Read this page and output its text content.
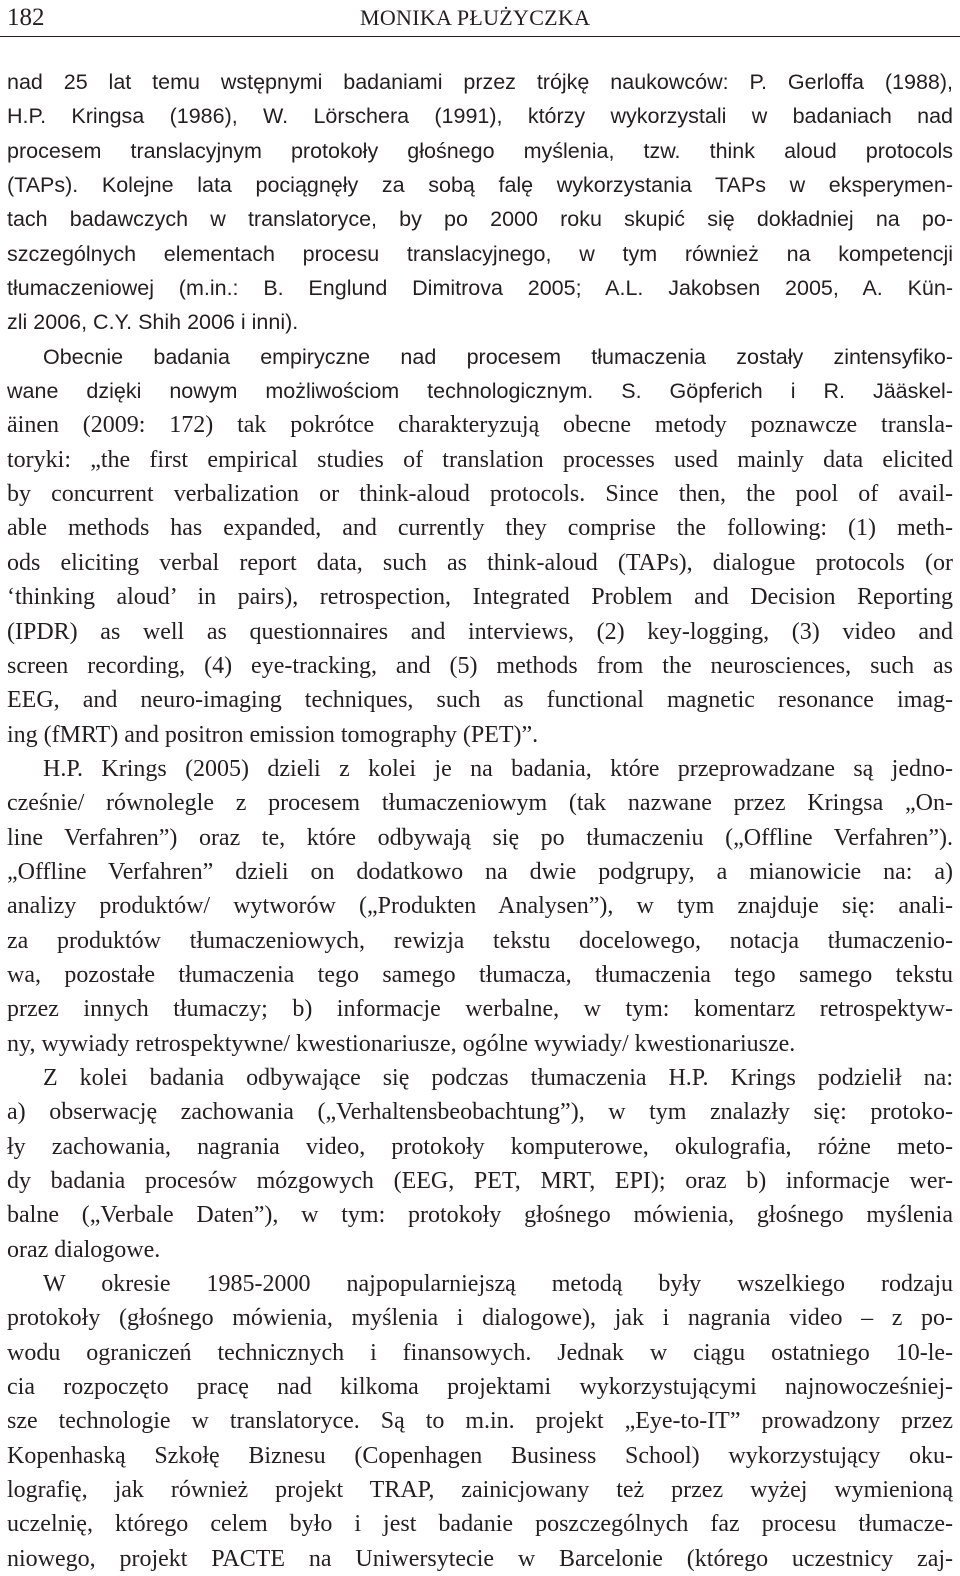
182	MONIKA PŁUŻYCZKA
nad 25 lat temu wstępnymi badaniami przez trójkę naukowców: P. Gerloffa (1988),
H.P. Kringsa (1986), W. Lörschera (1991), którzy wykorzystali w badaniach nad
procesem translacyjnym protokoły głośnego myślenia, tzw. think aloud protocols
(TAPs). Kolejne lata pociągnęły za sobą falę wykorzystania TAPs w eksperymen-
tach badawczych w translatoryce, by po 2000 roku skupić się dokładniej na po-
szczególnych elementach procesu translacyjnego, w tym również na kompetencji
tłumaczeniowej (m.in.: B. Englund Dimitrova 2005; A.L. Jakobsen 2005, A. Kün-
zli 2006, C.Y. Shih 2006 i inni).
Obecnie badania empiryczne nad procesem tłumaczenia zostały zintensyfiko-
wane dzięki nowym możliwościom technologicznym. S. Göpferich i R. Jääskel-
äinen (2009: 172) tak pokrótce charakteryzują obecne metody poznawcze transla-
toryki: „the first empirical studies of translation processes used mainly data elicited
by concurrent verbalization or think-aloud protocols. Since then, the pool of avail-
able methods has expanded, and currently they comprise the following: (1) meth-
ods eliciting verbal report data, such as think-aloud (TAPs), dialogue protocols (or
‘thinking aloud’ in pairs), retrospection, Integrated Problem and Decision Reporting
(IPDR) as well as questionnaires and interviews, (2) key-logging, (3) video and
screen recording, (4) eye-tracking, and (5) methods from the neurosciences, such as
EEG, and neuro-imaging techniques, such as functional magnetic resonance imag-
ing (fMRT) and positron emission tomography (PET)”.
H.P. Krings (2005) dzieli z kolei je na badania, które przeprowadzane są jedno-
cześnie/ równolegle z procesem tłumaczeniowym (tak nazwane przez Kringsa „On-
line Verfahren”) oraz te, które odbywają się po tłumaczeniu („Offline Verfahren”).
„Offline Verfahren” dzieli on dodatkowo na dwie podgrupy, a mianowicie na: a)
analizy produktów/ wytworów („Produkten Analysen”), w tym znajduje się: anali-
za produktów tłumaczeniowych, rewizja tekstu docelowego, notacja tłumaczenio-
wa, pozostałe tłumaczenia tego samego tłumacza, tłumaczenia tego samego tekstu
przez innych tłumaczy; b) informacje werbalne, w tym: komentarz retrospektyw-
ny, wywiady retrospektywne/ kwestionariusze, ogólne wywiady/ kwestionariusze.
Z kolei badania odbywające się podczas tłumaczenia H.P. Krings podzielił na:
a) obserwację zachowania („Verhaltensbeobachtung”), w tym znalazły się: protoko-
ły zachowania, nagrania video, protokoły komputerowe, okulografia, różne meto-
dy badania procesów mózgowych (EEG, PET, MRT, EPI); oraz b) informacje wer-
balne („Verbale Daten”), w tym: protokoły głośnego mówienia, głośnego myślenia
oraz dialogowe.
W okresie 1985-2000 najpopularniejszą metodą były wszelkiego rodzaju
protokoły (głośnego mówienia, myślenia i dialogowe), jak i nagrania video – z po-
wodu ograniczeń technicznych i finansowych. Jednak w ciągu ostatniego 10-le-
cia rozpoczęto pracę nad kilkoma projektami wykorzystującymi najnowocześniej-
sze technologie w translatoryce. Są to m.in. projekt „Eye-to-IT” prowadzony przez
Kopenhaską Szkołę Biznesu (Copenhagen Business School) wykorzystujący oku-
lografię, jak również projekt TRAP, zainicjowany też przez wyżej wymienioną
uczelnię, którego celem było i jest badanie poszczególnych faz procesu tłumacze-
niowego, projekt PACTE na Uniwersytecie w Barcelonie (którego uczestnicy zaj-
